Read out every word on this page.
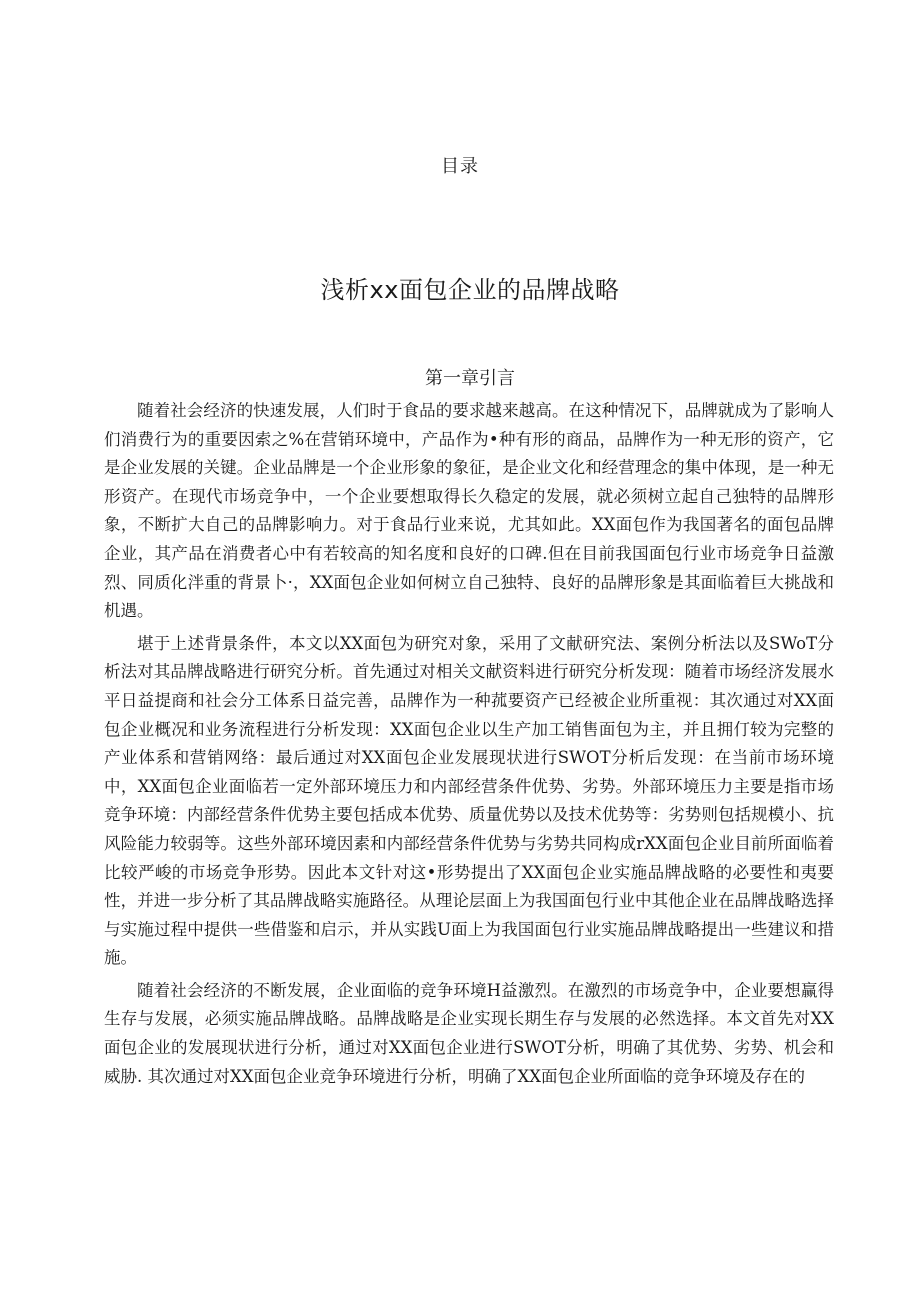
目录
浅析xx面包企业的品牌战略
第一章引言

随着社会经济的快速发展，人们时于食品的要求越来越高。在这种情况下，品牌就成为了影响人们消费行为的重要因索之%在营销环境中，产品作为•种有形的商品，品牌作为一种无形的资产，它是企业发展的关键。企业品牌是一个企业形象的象征，是企业文化和经营理念的集中体现，是一种无形资产。在现代市场竞争中，一个企业要想取得长久稳定的发展，就必须树立起自己独特的品牌形象，不断扩大自己的品牌影响力。对于食品行业来说，尤其如此。XX面包作为我国著名的面包品牌企业，其产品在消费者心中有若较高的知名度和良好的口碑.但在目前我国面包行业市场竞争日益激烈、同质化泮重的背景卜·，XX面包企业如何树立自己独特、良好的品牌形象是其面临着巨大挑战和机遇。

堪于上述背景条件，本文以XX面包为研究对象，采用了文献研究法、案例分析法以及SWoT分析法对其品牌战略进行研究分析。首先通过对相关文献资料进行研究分析发现：随着市场经济发展水平日益提商和社会分工体系日益完善，品牌作为一种菰要资产已经被企业所重视：其次通过对XX面包企业概况和业务流程进行分析发现：XX面包企业以生产加工销售面包为主，并且拥仃较为完整的产业体系和营销网络：最后通过对XX面包企业发展现状进行SWOT分析后发现：在当前市场环境中，XX面包企业面临若一定外部环境压力和内部经营条件优势、劣势。外部环境压力主要是指市场竞争环境：内部经营条件优势主要包括成本优势、质量优势以及技术优势等：劣势则包括规模小、抗风险能力较弱等。这些外部环境因素和内部经营条件优势与劣势共同构成rXX面包企业目前所面临着比较严峻的市场竞争形势。因此本文针对这•形势提出了XX面包企业实施品牌战略的必要性和夷要性，并进一步分析了其品牌战略实施路径。从理论层面上为我国面包行业中其他企业在品牌战略选择与实施过程中提供一些借鉴和启示，并从实践U面上为我国面包行业实施品牌战略提出一些建议和措施。

随着社会经济的不断发展，企业面临的竞争环境H益激烈。在激烈的市场竞争中，企业要想赢得生存与发展，必须实施品牌战略。品牌战略是企业实现长期生存与发展的必然选择。本文首先对XX面包企业的发展现状进行分析，通过对XX面包企业进行SWOT分析，明确了其优势、劣势、机会和威胁. 其次通过对XX面包企业竞争环境进行分析，明确了XX面包企业所面临的竞争环境及存在的
